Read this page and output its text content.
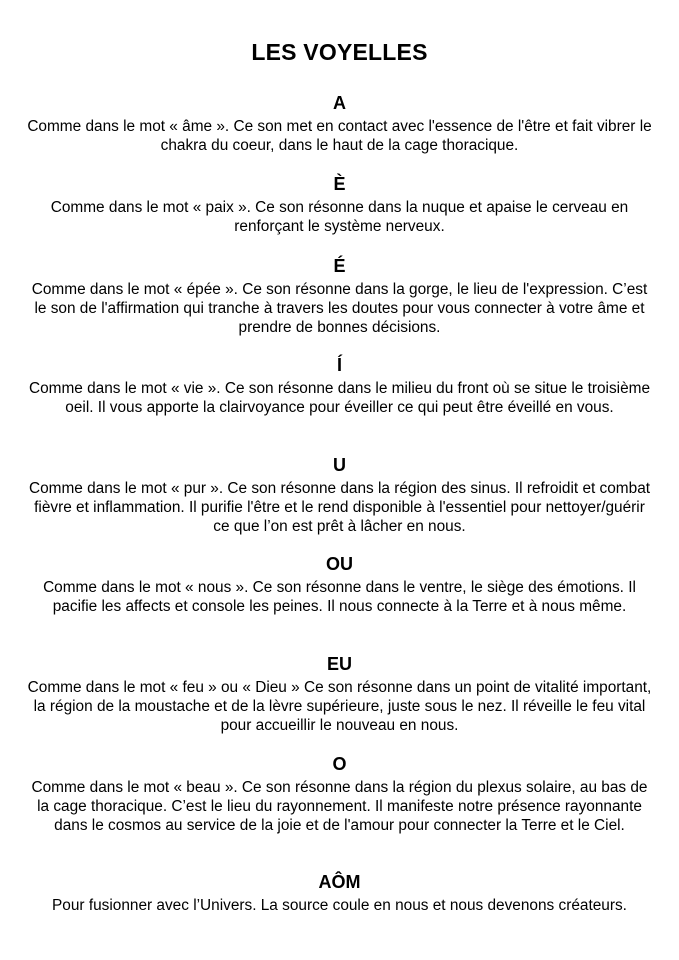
LES VOYELLES
A

Comme dans le mot « âme ». Ce son met en contact avec l'essence de l'être et fait vibrer le chakra du coeur, dans le haut de la cage thoracique.

È

Comme dans le mot « paix ». Ce son résonne dans la nuque et apaise le cerveau en renforçant le système nerveux.

É

Comme dans le mot « épée ». Ce son résonne dans la gorge, le lieu de l'expression. C’est le son de l'affirmation qui tranche à travers les doutes pour vous connecter à votre âme et prendre de bonnes décisions.

Í

Comme dans le mot « vie ». Ce son résonne dans le milieu du front où se situe le troisième oeil. Il vous apporte la clairvoyance pour éveiller ce qui peut être éveillé en vous.

U

Comme dans le mot « pur ». Ce son résonne dans la région des sinus. Il refroidit et combat fièvre et inflammation. Il purifie l'être et le rend disponible à l'essentiel pour nettoyer/guérir ce que l’on est prêt à lâcher en nous.

OU

Comme dans le mot « nous ». Ce son résonne dans le ventre, le siège des émotions. Il pacifie les affects et console les peines. Il nous connecte à la Terre et à nous même.

EU

Comme dans le mot « feu » ou « Dieu » Ce son résonne dans un point de vitalité important, la région de la moustache et de la lèvre supérieure, juste sous le nez. Il réveille le feu vital pour accueillir le nouveau en nous.

O

Comme dans le mot « beau ». Ce son résonne dans la région du plexus solaire, au bas de la cage thoracique. C’est le lieu du rayonnement. Il manifeste notre présence rayonnante dans le cosmos au service de la joie et de l'amour pour connecter la Terre et le Ciel.

AÔM

Pour fusionner avec l’Univers. La source coule en nous et nous devenons créateurs.
